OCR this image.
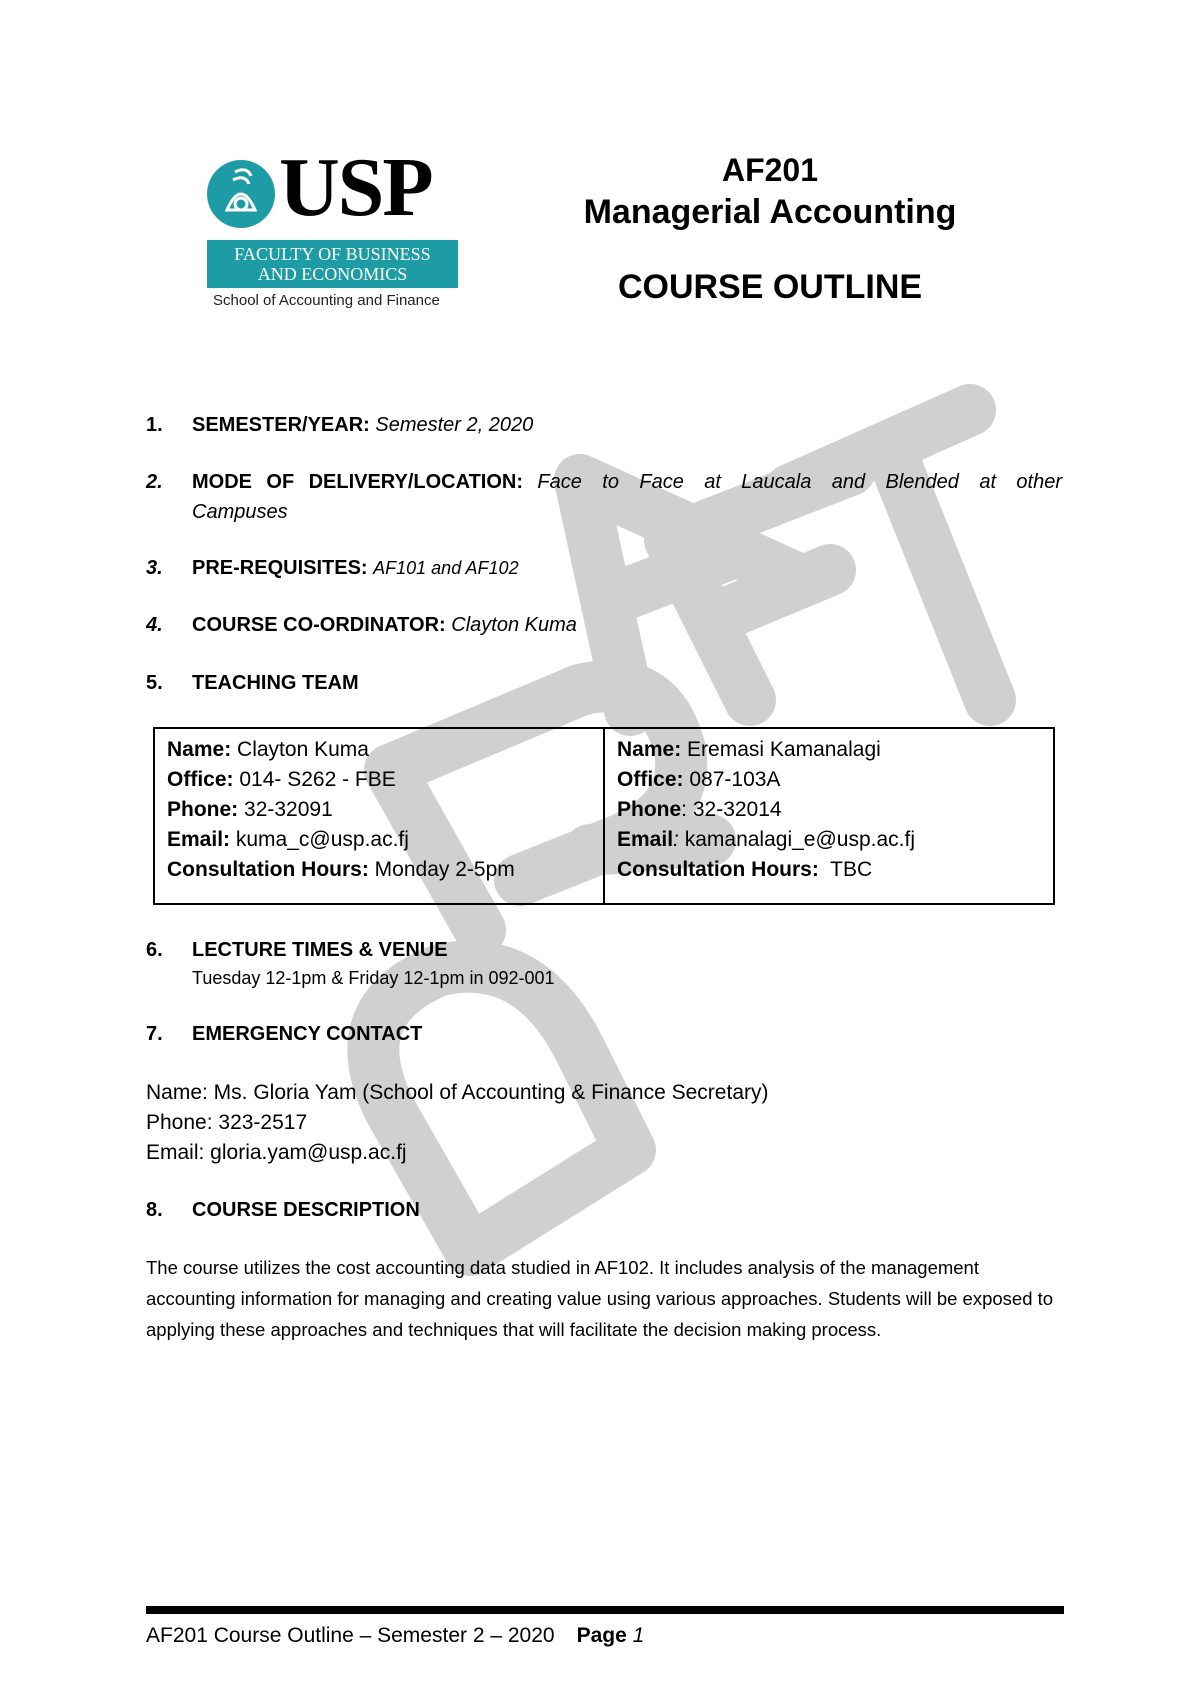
USP
FACULTY OF BUSINESS
AND ECONOMICS
School of Accounting and Finance
AF201
Managerial Accounting
COURSE OUTLINE
1. SEMESTER/YEAR: Semester 2, 2020
2.	MODE OF DELIVERY/LOCATION: Face to Face at Laucala and Blended at other Campuses
3. PRE-REQUISITES: AF101 and AF102
4. COURSE CO-ORDINATOR: Clayton Kuma
5. TEACHING TEAM
Name: Clayton Kuma
Office: 014- S262 - FBE
Phone: 32-32091
Email: kuma_c@usp.ac.fj
Consultation Hours: Monday 2-5pm
Name: Eremasi Kamanalagi
Office: 087-103A
Phone: 32-32014
Email: kamanalagi_e@usp.ac.fj
Consultation Hours: TBC
6. LECTURE TIMES & VENUE
Tuesday 12-1pm & Friday 12-1pm in 092-001
7. EMERGENCY CONTACT
Name: Ms. Gloria Yam (School of Accounting & Finance Secretary)
Phone: 323-2517
Email: gloria.yam@usp.ac.fj
8. COURSE DESCRIPTION
The course utilizes the cost accounting data studied in AF102. It includes analysis of the management accounting information for managing and creating value using various approaches. Students will be exposed to applying these approaches and techniques that will facilitate the decision making process.
AF201 Course Outline – Semester 2 – 2020 Page 1
